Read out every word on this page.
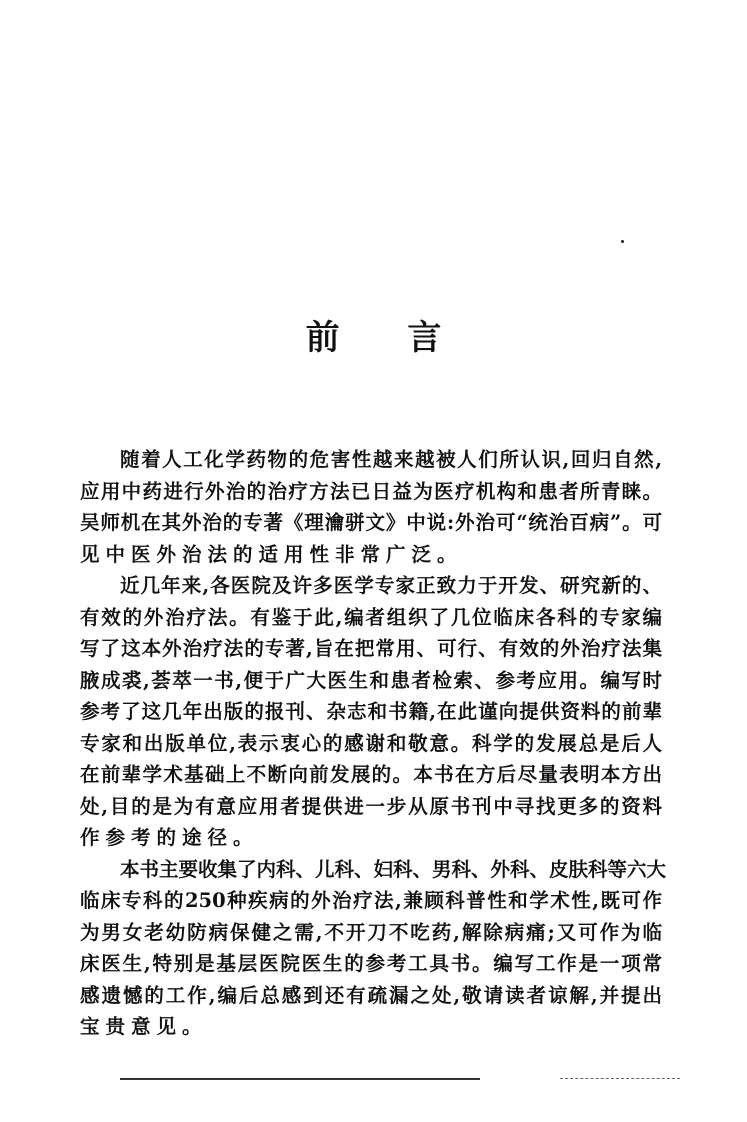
前 言
随着人工化学药物的危害性越来越被人们所认识,回归自然,
应用中药进行外治的治疗方法已日益为医疗机构和患者所青睐。
吴师机在其外治的专著《理瀹骈文》中说:外治可“统治百病”。可
见中医外治法的适用性非常广泛。
近几年来,各医院及许多医学专家正致力于开发、研究新的、
有效的外治疗法。有鉴于此,编者组织了几位临床各科的专家编
写了这本外治疗法的专著,旨在把常用、可行、有效的外治疗法集
腋成裘,荟萃一书,便于广大医生和患者检索、参考应用。编写时
参考了这几年出版的报刊、杂志和书籍,在此谨向提供资料的前辈
专家和出版单位,表示衷心的感谢和敬意。科学的发展总是后人
在前辈学术基础上不断向前发展的。本书在方后尽量表明本方出
处,目的是为有意应用者提供进一步从原书刊中寻找更多的资料
作参考的途径。
本书主要收集了内科、儿科、妇科、男科、外科、皮肤科等六大
临床专科的250种疾病的外治疗法,兼顾科普性和学术性,既可作
为男女老幼防病保健之需,不开刀不吃药,解除病痛;又可作为临
床医生,特别是基层医院医生的参考工具书。编写工作是一项常
感遗憾的工作,编后总感到还有疏漏之处,敬请读者谅解,并提出
宝贵意见。
